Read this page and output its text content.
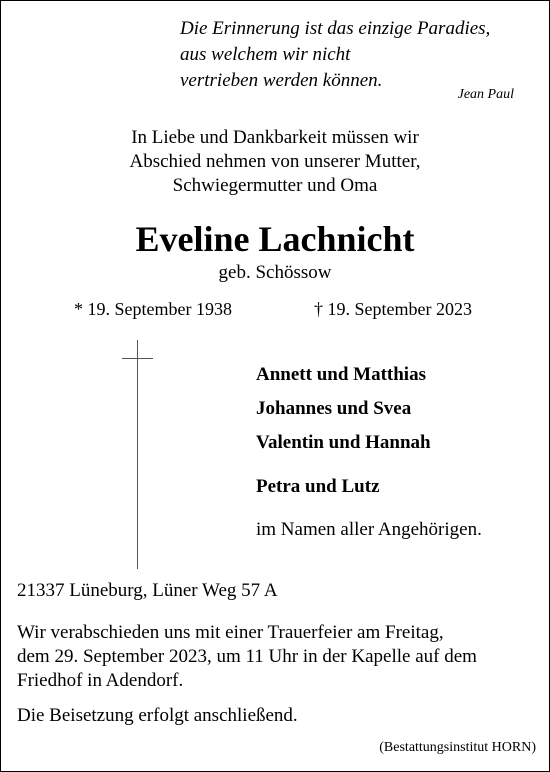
Die Erinnerung ist das einzige Paradies,
aus welchem wir nicht
vertrieben werden können.
Jean Paul
In Liebe und Dankbarkeit müssen wir
Abschied nehmen von unserer Mutter,
Schwiegermutter und Oma
Eveline Lachnicht
geb. Schössow
* 19. September 1938	† 19. September 2023
Annett und Matthias
Johannes und Svea
Valentin und Hannah
Petra und Lutz
im Namen aller Angehörigen.
21337 Lüneburg, Lüner Weg 57 A
Wir verabschieden uns mit einer Trauerfeier am Freitag,
dem 29. September 2023, um 11 Uhr in der Kapelle auf dem
Friedhof in Adendorf.
Die Beisetzung erfolgt anschließend.
(Bestattungsinstitut HORN)
